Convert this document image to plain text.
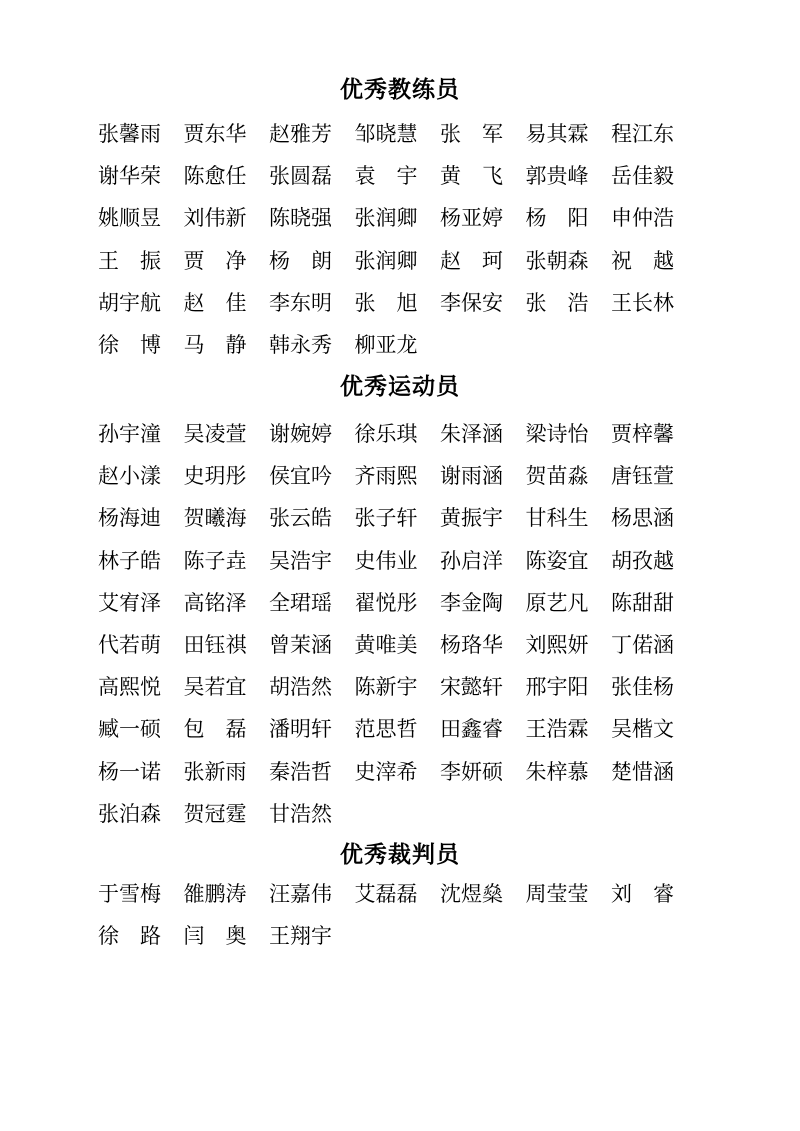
优秀教练员
张馨雨 贾东华 赵雅芳 邹晓慧 张军 易其霖 程江东
谢华荣 陈愈任 张圆磊 袁宇 黄飞 郭贵峰 岳佳毅
姚顺昱 刘伟新 陈晓强 张润卿 杨亚婷 杨阳 申仲浩
王振 贾净 杨朗 张润卿 赵珂 张朝森 祝越
胡宇航 赵佳 李东明 张旭 李保安 张浩 王长林
徐博 马静 韩永秀 柳亚龙
优秀运动员
孙宇潼 吴凌萱 谢婉婷 徐乐琪 朱泽涵 梁诗怡 贾梓馨
赵小漾 史玥彤 侯宜吟 齐雨熙 谢雨涵 贺苗淼 唐钰萱
杨海迪 贺曦海 张云皓 张子轩 黄振宇 甘科生 杨思涵
林子皓 陈子垚 吴浩宇 史伟业 孙启洋 陈姿宜 胡孜越
艾宥泽 高铭泽 全珺瑶 翟悦彤 李金陶 原艺凡 陈甜甜
代若萌 田钰祺 曾茉涵 黄唯美 杨珞华 刘熙妍 丁偌涵
高熙悦 吴若宜 胡浩然 陈新宇 宋懿轩 邢宇阳 张佳杨
臧一硕 包磊 潘明轩 范思哲 田鑫睿 王浩霖 吴楷文
杨一诺 张新雨 秦浩哲 史滓希 李妍硕 朱梓慕 楚惜涵
张泊森 贺冠霆 甘浩然
优秀裁判员
于雪梅 雒鹏涛 汪嘉伟 艾磊磊 沈煜燊 周莹莹 刘睿
徐路 闫奥 王翔宇
